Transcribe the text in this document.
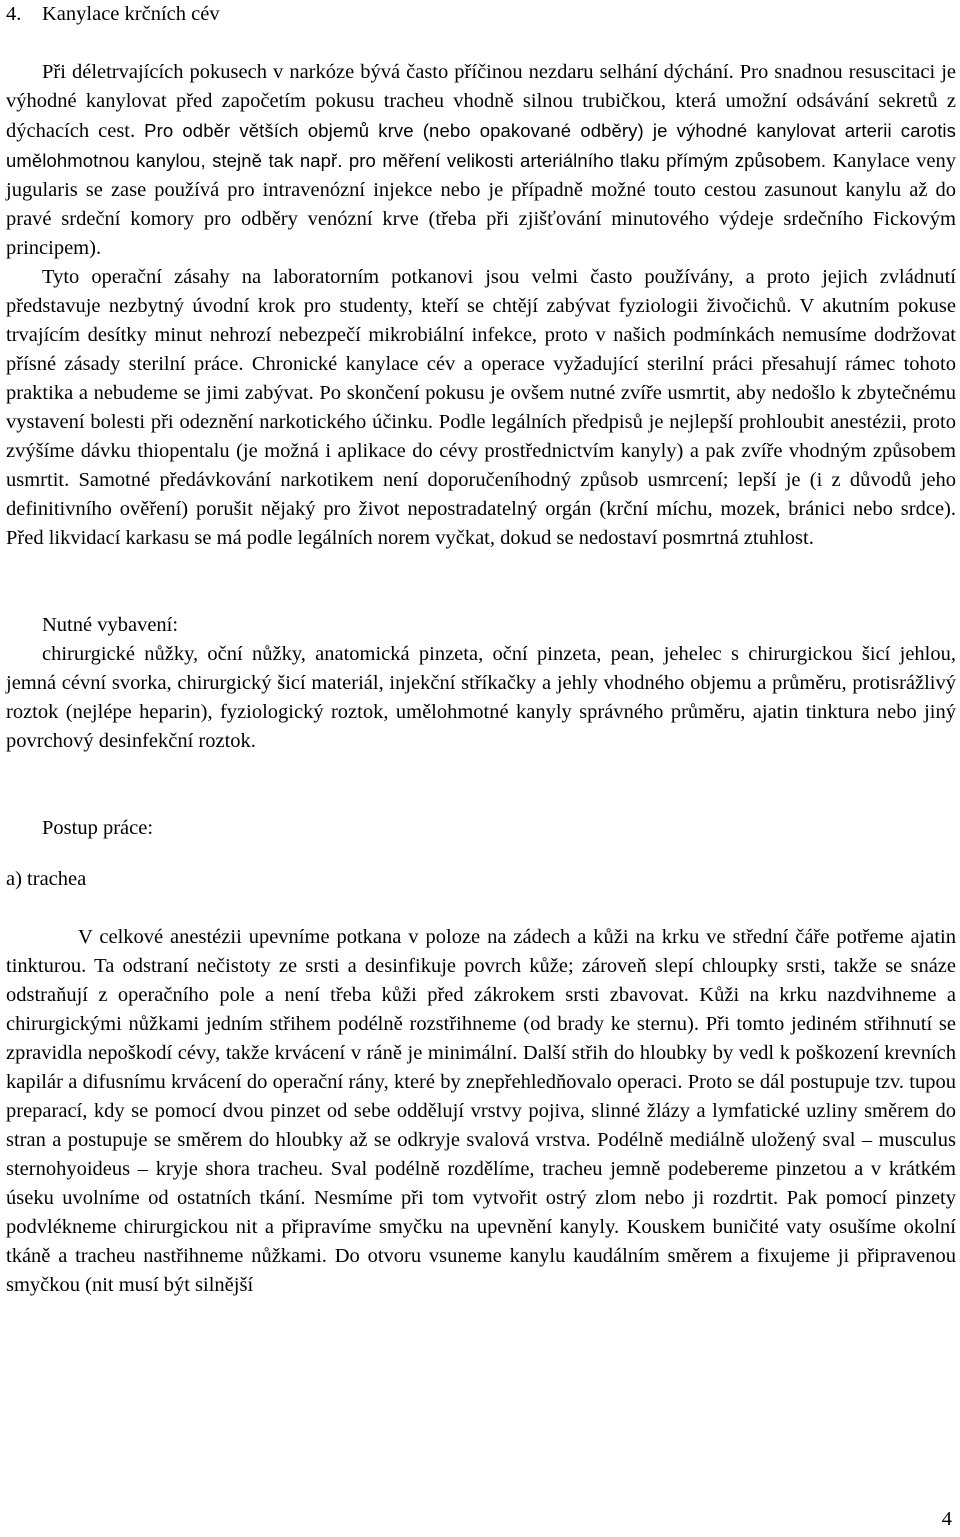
4. Kanylace krčních cév

Při déletrvajících pokusech v narkóze bývá často příčinou nezdaru selhání dýchání. Pro snadnou resuscitaci je výhodné kanylovat před započetím pokusu tracheu vhodně silnou trubičkou, která umožní odsávání sekretů z dýchacích cest. Pro odběr větších objemů krve (nebo opakované odběry) je výhodné kanylovat arterii carotis umělohmotnou kanylou, stejně tak např. pro měření velikosti arteriálního tlaku přímým způsobem. Kanylace veny jugularis se zase používá pro intravenózní injekce nebo je případně možné touto cestou zasunout kanylu až do pravé srdeční komory pro odběry venózní krve (třeba při zjišťování minutového výdeje srdečního Fickovým principem).

Tyto operační zásahy na laboratorním potkanovi jsou velmi často používány, a proto jejich zvládnutí představuje nezbytný úvodní krok pro studenty, kteří se chtějí zabývat fyziologii živočichů. V akutním pokuse trvajícím desítky minut nehrozí nebezpečí mikrobiální infekce, proto v našich podmínkách nemusíme dodržovat přísné zásady sterilní práce. Chronické kanylace cév a operace vyžadující sterilní práci přesahují rámec tohoto praktika a nebudeme se jimi zabývat. Po skončení pokusu je ovšem nutné zvíře usmrtit, aby nedošlo k zbytečnému vystavení bolesti při odeznění narkotického účinku. Podle legálních předpisů je nejlepší prohloubit anestézii, proto zvýšíme dávku thiopentalu (je možná i aplikace do cévy prostřednictvím kanyly) a pak zvíře vhodným způsobem usmrtit. Samotné předávkování narkotikem není doporučeníhodný způsob usmrcení; lepší je (i z důvodů jeho definitivního ověření) porušit nějaký pro život nepostradatelný orgán (krční míchu, mozek, bránici nebo srdce). Před likvidací karkasu se má podle legálních norem vyčkat, dokud se nedostaví posmrtná ztuhlost.

Nutné vybavení:

chirurgické nůžky, oční nůžky, anatomická pinzeta, oční pinzeta, pean, jehelec s chirurgickou šicí jehlou, jemná cévní svorka, chirurgický šicí materiál, injekční stříkačky a jehly vhodného objemu a průměru, protisrážlivý roztok (nejlépe heparin), fyziologický roztok, umělohmotné kanyly správného průměru, ajatin tinktura nebo jiný povrchový desinfekční roztok.

Postup práce:

a) trachea

V celkové anestézii upevníme potkana v poloze na zádech a kůži na krku ve střední čáře potřeme ajatin tinkturou. Ta odstraní nečistoty ze srsti a desinfikuje povrch kůže; zároveň slepí chloupky srsti, takže se snáze odstraňují z operačního pole a není třeba kůži před zákrokem srsti zbavovat. Kůži na krku nazdvihneme a chirurgickými nůžkami jedním střihem podélně rozstřihneme (od brady ke sternu). Při tomto jediném střihnutí se zpravidla nepoškodí cévy, takže krvácení v ráně je minimální. Další střih do hloubky by vedl k poškození krevních kapilár a difusnímu krvácení do operační rány, které by znepřehledňovalo operaci. Proto se dál postupuje tzv. tupou preparací, kdy se pomocí dvou pinzet od sebe oddělují vrstvy pojiva, slinné žlázy a lymfatické uzliny směrem do stran a postupuje se směrem do hloubky až se odkryje svalová vrstva. Podélně mediálně uložený sval – musculus sternohyoideus – kryje shora tracheu. Sval podélně rozdělíme, tracheu jemně podebereme pinzetou a v krátkém úseku uvolníme od ostatních tkání. Nesmíme při tom vytvořit ostrý zlom nebo ji rozdrtit. Pak pomocí pinzety podvlékneme chirurgickou nit a připravíme smyčku na upevnění kanyly. Kouskem buničité vaty osušíme okolní tkáně a tracheu nastřihneme nůžkami. Do otvoru vsuneme kanylu kaudálním směrem a fixujeme ji připravenou smyčkou (nit musí být silnější

4
